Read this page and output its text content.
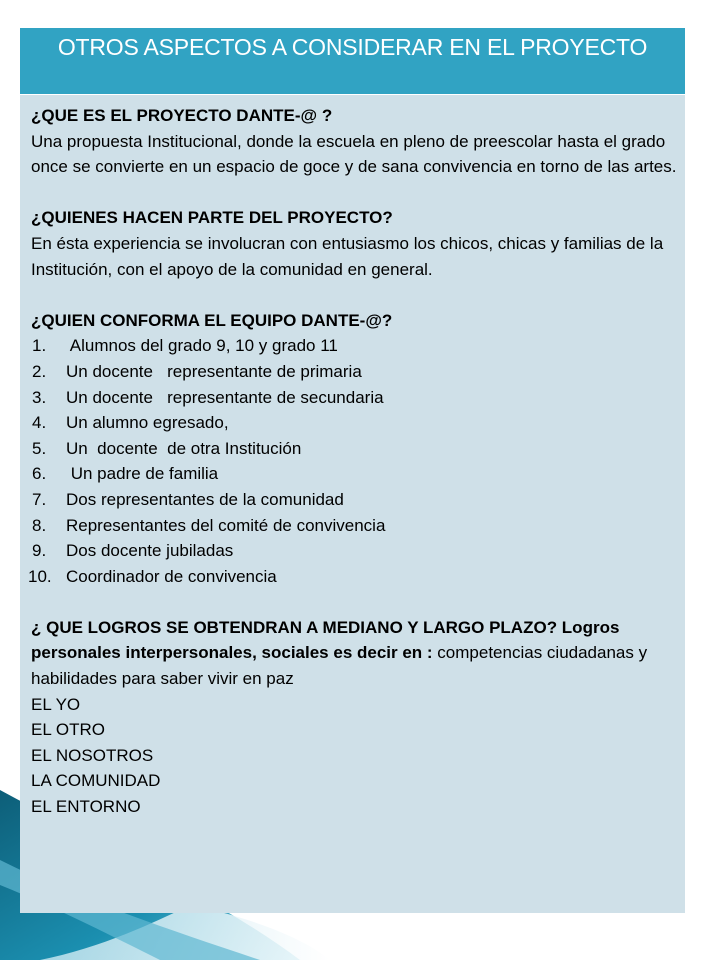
OTROS ASPECTOS A CONSIDERAR EN EL PROYECTO
¿QUE ES EL PROYECTO DANTE-@ ?

Una propuesta Institucional, donde la escuela en pleno de preescolar hasta el grado once se convierte en un espacio de goce y de sana convivencia en torno de las artes.

¿QUIENES HACEN PARTE DEL PROYECTO?

En ésta experiencia se involucran con entusiasmo los chicos, chicas y familias de la Institución, con el apoyo de la comunidad en general.

¿QUIEN CONFORMA EL EQUIPO DANTE-@?
1. Alumnos del grado 9, 10 y grado 11
2. Un docente   representante de primaria
3. Un docente   representante de secundaria
4. Un alumno egresado,
5. Un  docente  de otra Institución
6. Un padre de familia
7. Dos representantes de la comunidad
8. Representantes del comité de convivencia
9. Dos docente jubiladas
10. Coordinador de convivencia

¿ QUE LOGROS SE OBTENDRAN A MEDIANO Y LARGO PLAZO? Logros personales interpersonales, sociales es decir en : competencias ciudadanas y habilidades para saber vivir en paz

EL YO
EL OTRO
EL NOSOTROS
LA COMUNIDAD
EL ENTORNO
